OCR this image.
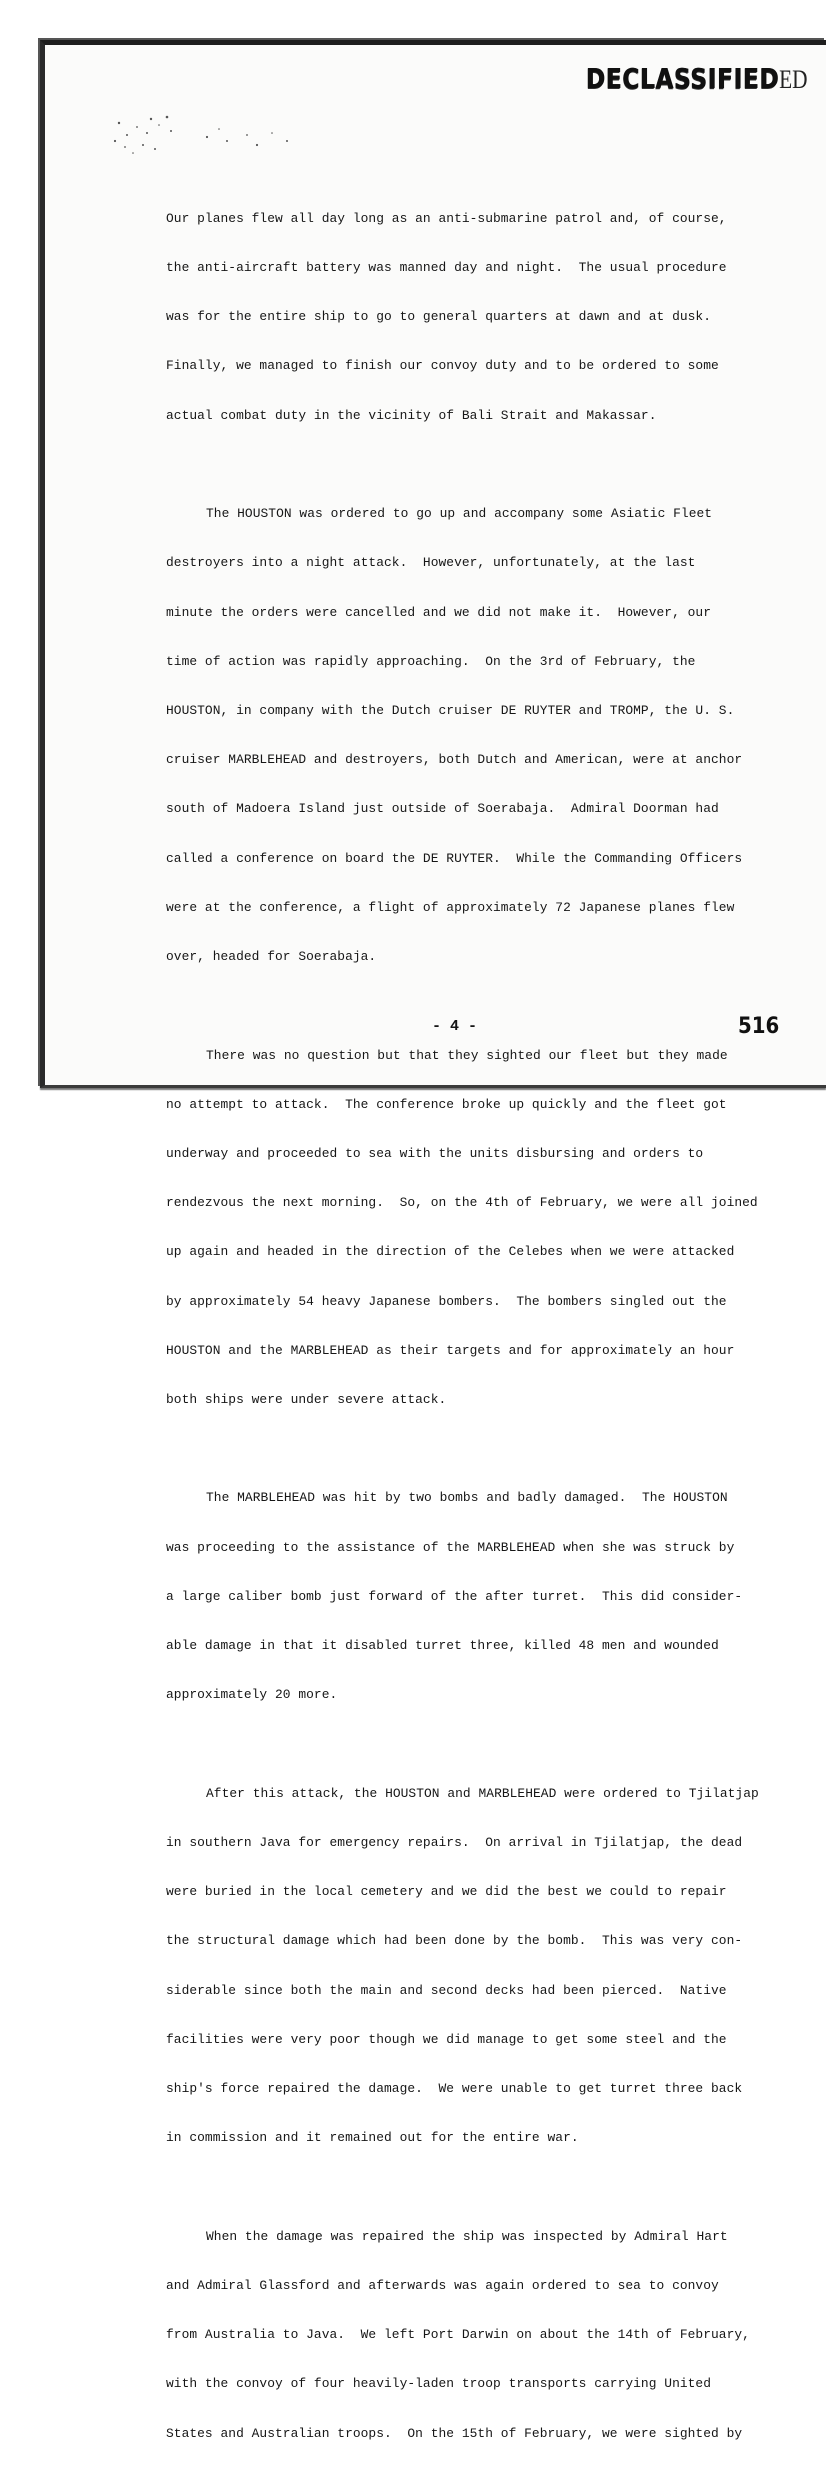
DECLASSIFIEDED

Our planes flew all day long as an anti-submarine patrol and, of course,

the anti-aircraft battery was manned day and night.  The usual procedure

was for the entire ship to go to general quarters at dawn and at dusk.

Finally, we managed to finish our convoy duty and to be ordered to some

actual combat duty in the vicinity of Bali Strait and Makassar.

The HOUSTON was ordered to go up and accompany some Asiatic Fleet

destroyers into a night attack.  However, unfortunately, at the last

minute the orders were cancelled and we did not make it.  However, our

time of action was rapidly approaching.  On the 3rd of February, the

HOUSTON, in company with the Dutch cruiser DE RUYTER and TROMP, the U. S.

cruiser MARBLEHEAD and destroyers, both Dutch and American, were at anchor

south of Madoera Island just outside of Soerabaja.  Admiral Doorman had

called a conference on board the DE RUYTER.  While the Commanding Officers

were at the conference, a flight of approximately 72 Japanese planes flew

over, headed for Soerabaja.

There was no question but that they sighted our fleet but they made

no attempt to attack.  The conference broke up quickly and the fleet got

underway and proceeded to sea with the units disbursing and orders to

rendezvous the next morning.  So, on the 4th of February, we were all joined

up again and headed in the direction of the Celebes when we were attacked

by approximately 54 heavy Japanese bombers.  The bombers singled out the

HOUSTON and the MARBLEHEAD as their targets and for approximately an hour

both ships were under severe attack.

The MARBLEHEAD was hit by two bombs and badly damaged.  The HOUSTON

was proceeding to the assistance of the MARBLEHEAD when she was struck by

a large caliber bomb just forward of the after turret.  This did consider-

able damage in that it disabled turret three, killed 48 men and wounded

approximately 20 more.

After this attack, the HOUSTON and MARBLEHEAD were ordered to Tjilatjap

in southern Java for emergency repairs.  On arrival in Tjilatjap, the dead

were buried in the local cemetery and we did the best we could to repair

the structural damage which had been done by the bomb.  This was very con-

siderable since both the main and second decks had been pierced.  Native

facilities were very poor though we did manage to get some steel and the

ship's force repaired the damage.  We were unable to get turret three back

in commission and it remained out for the entire war.

When the damage was repaired the ship was inspected by Admiral Hart

and Admiral Glassford and afterwards was again ordered to sea to convoy

from Australia to Java.  We left Port Darwin on about the 14th of February,

with the convoy of four heavily-laden troop transports carrying United

States and Australian troops.  On the 15th of February, we were sighted by

- 4 -	516
